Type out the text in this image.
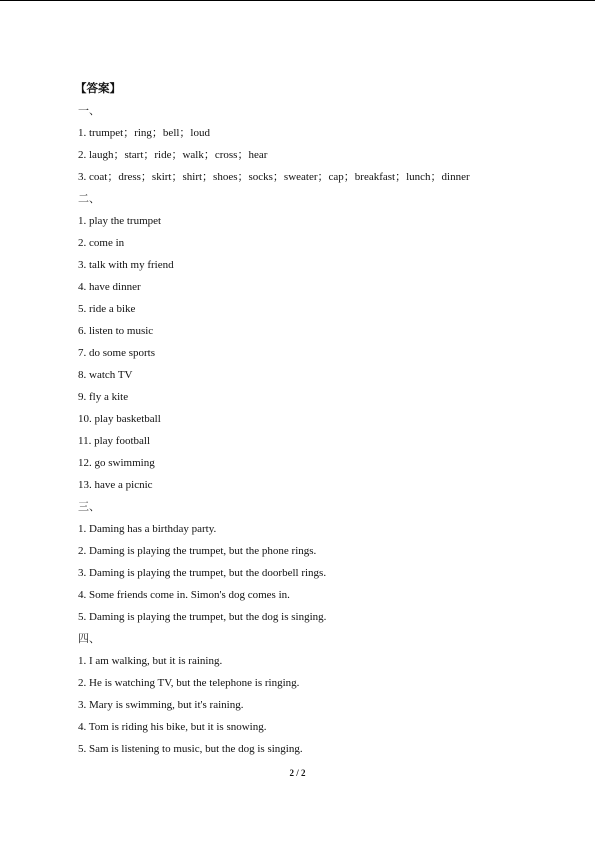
【答案】
一、
1. trumpet；ring；bell；loud
2. laugh；start；ride；walk；cross；hear
3. coat；dress；skirt；shirt；shoes；socks；sweater；cap；breakfast；lunch；dinner
二、
1. play the trumpet
2. come in
3. talk with my friend
4. have dinner
5. ride a bike
6. listen to music
7. do some sports
8. watch TV
9. fly a kite
10. play basketball
11. play football
12. go swimming
13. have a picnic
三、
1. Daming has a birthday party.
2. Daming is playing the trumpet, but the phone rings.
3. Daming is playing the trumpet, but the doorbell rings.
4. Some friends come in. Simon's dog comes in.
5. Daming is playing the trumpet, but the dog is singing.
四、
1. I am walking, but it is raining.
2. He is watching TV, but the telephone is ringing.
3. Mary is swimming, but it's raining.
4. Tom is riding his bike, but it is snowing.
5. Sam is listening to music, but the dog is singing.
2 / 2
